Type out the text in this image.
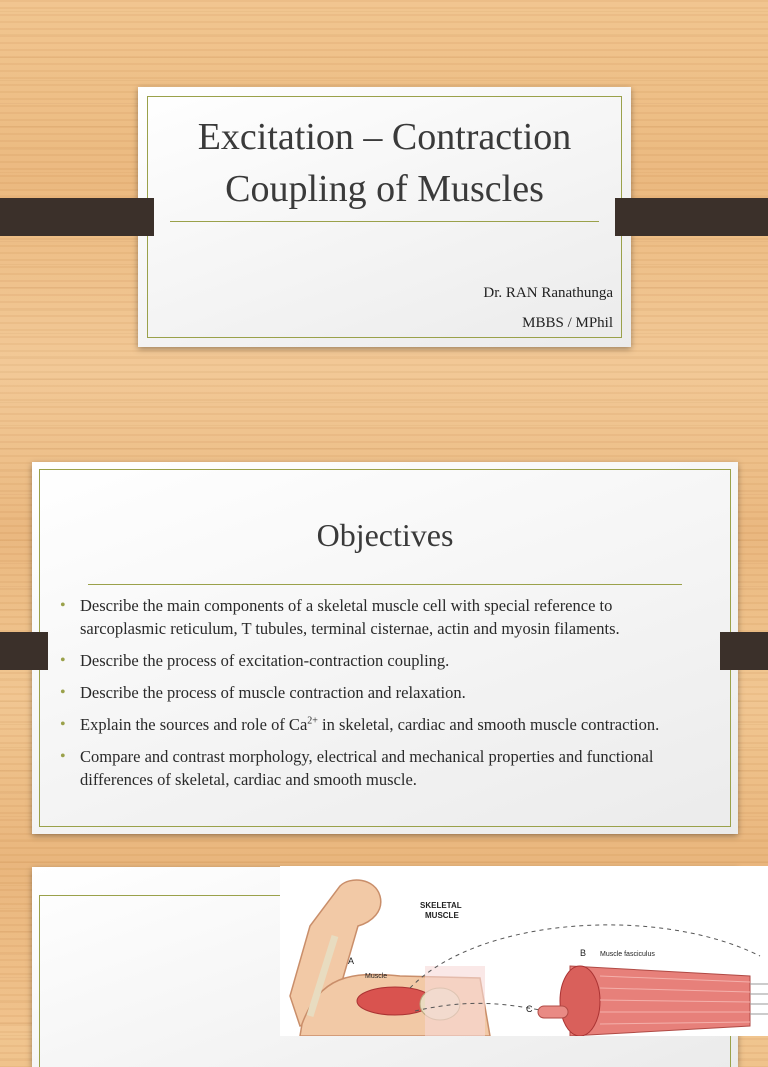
Excitation – Contraction
Coupling of Muscles
Dr. RAN Ranathunga
MBBS / MPhil
Objectives
• Describe the main components of a skeletal muscle cell with special reference to sarcoplasmic reticulum, T tubules, terminal cisternae, actin and myosin filaments.
• Describe the process of excitation-contraction coupling.
• Describe the process of muscle contraction and relaxation.
• Explain the sources and role of $Ca^{2+}$ in skeletal, cardiac and smooth muscle contraction.
• Compare and contrast morphology, electrical and mechanical properties and functional differences of skeletal, cardiac and smooth muscle.
SKELETAL
MUSCLE
A
Muscle
B Muscle fasciculus
C
